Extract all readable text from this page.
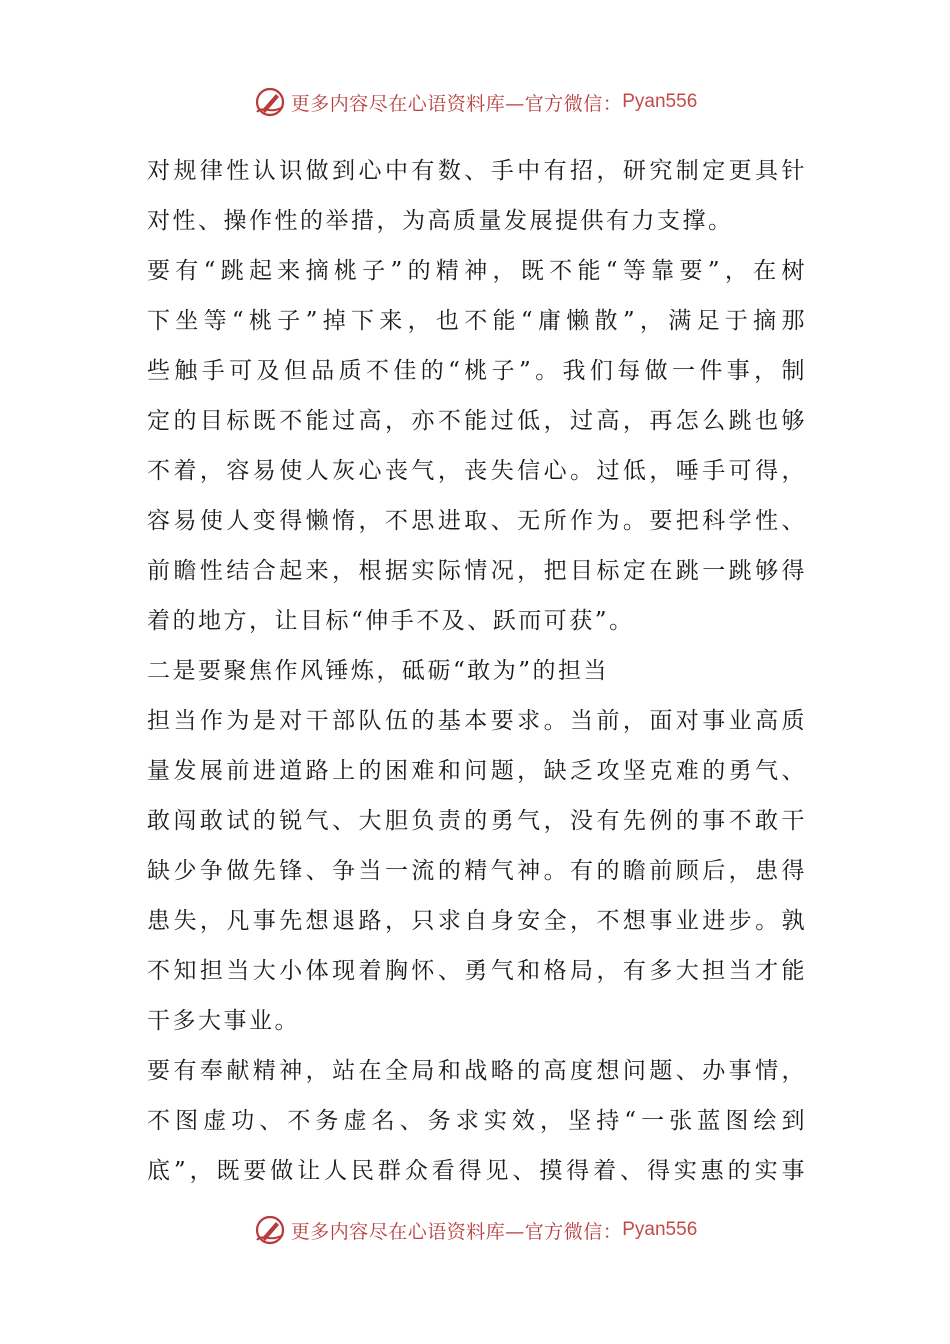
更多内容尽在心语资料库—官方微信： Pyan556
对规律性认识做到心中有数、手中有招，研究制定更具针
对性、操作性的举措，为高质量发展提供有力支撑。
要有“跳起来摘桃子”的精神，既不能“等靠要”，在树
下坐等“桃子”掉下来，也不能“庸懒散”，满足于摘那
些触手可及但品质不佳的“桃子”。我们每做一件事，制
定的目标既不能过高，亦不能过低，过高，再怎么跳也够
不着，容易使人灰心丧气，丧失信心。过低，唾手可得，
容易使人变得懒惰，不思进取、无所作为。要把科学性、
前瞻性结合起来，根据实际情况，把目标定在跳一跳够得
着的地方，让目标“伸手不及、跃而可获”。
二是要聚焦作风锤炼，砥砺“敢为”的担当
担当作为是对干部队伍的基本要求。当前，面对事业高质
量发展前进道路上的困难和问题，缺乏攻坚克难的勇气、
敢闯敢试的锐气、大胆负责的勇气，没有先例的事不敢干
缺少争做先锋、争当一流的精气神。有的瞻前顾后，患得
患失，凡事先想退路，只求自身安全，不想事业进步。孰
不知担当大小体现着胸怀、勇气和格局，有多大担当才能
干多大事业。
要有奉献精神，站在全局和战略的高度想问题、办事情，
不图虚功、不务虚名、务求实效，坚持“一张蓝图绘到
底”，既要做让人民群众看得见、摸得着、得实惠的实事
更多内容尽在心语资料库—官方微信： Pyan556
